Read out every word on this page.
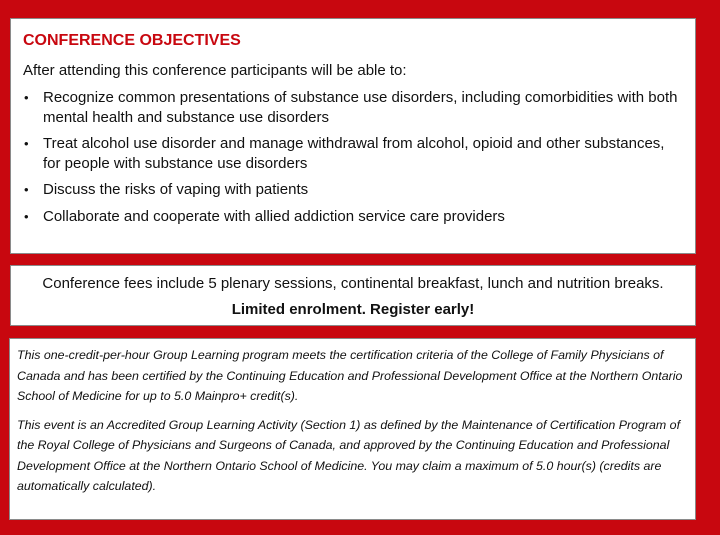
CONFERENCE OBJECTIVES

After attending this conference participants will be able to:

• Recognize common presentations of substance use disorders, including comorbidities with both mental health and substance use disorders
• Treat alcohol use disorder and manage withdrawal from alcohol, opioid and other substances, for people with substance use disorders
• Discuss the risks of vaping with patients
• Collaborate and cooperate with allied addiction service care providers
Conference fees include 5 plenary sessions, continental breakfast, lunch and nutrition breaks.
Limited enrolment. Register early!

This one-credit-per-hour Group Learning program meets the certification criteria of the College of Family Physicians of Canada and has been certified by the Continuing Education and Professional Development Office at the Northern Ontario School of Medicine for up to 5.0 Mainpro+ credit(s).

This event is an Accredited Group Learning Activity (Section 1) as defined by the Maintenance of Certification Program of the Royal College of Physicians and Surgeons of Canada, and approved by the Continuing Education and Professional Development Office at the Northern Ontario School of Medicine. You may claim a maximum of 5.0 hour(s) (credits are automatically calculated).
